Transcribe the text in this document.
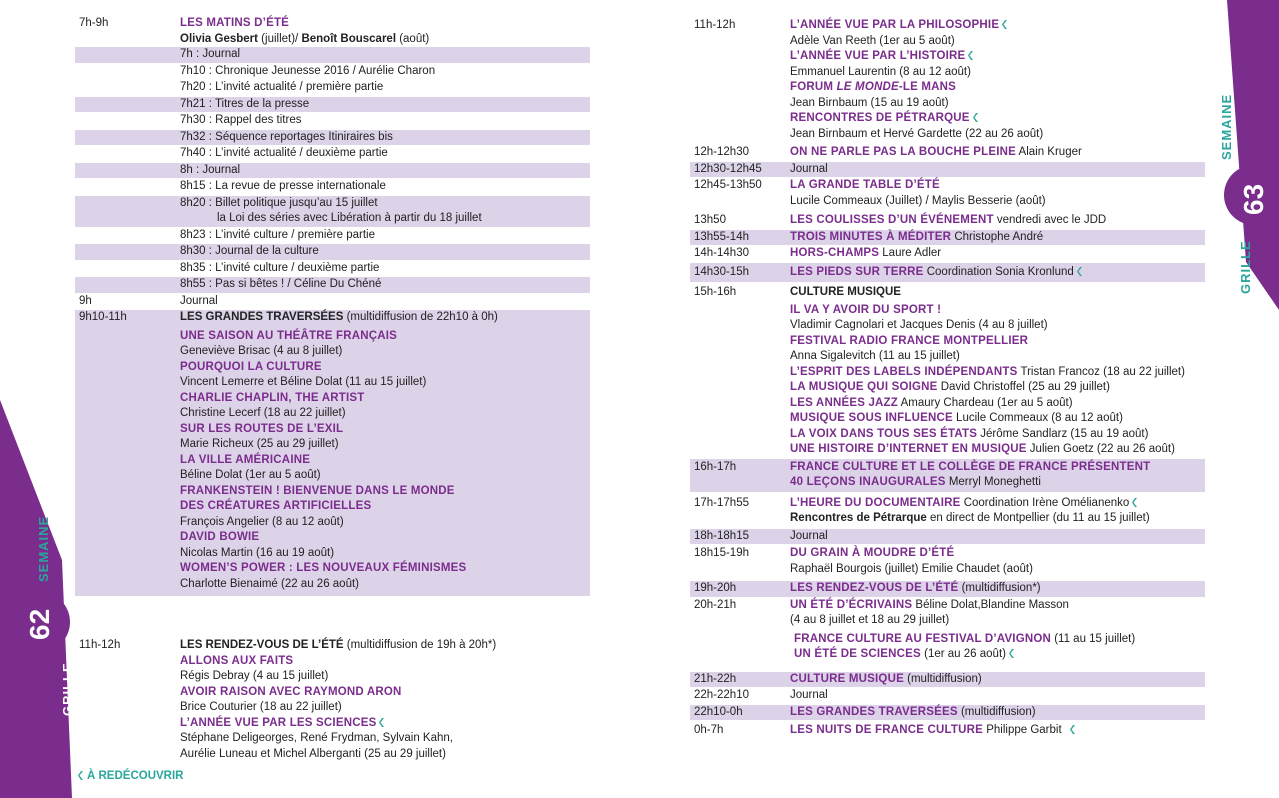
SEMAINE
62
GRILLE
7h-9h	LES MATINS D’ÉTÉ
Olivia Gesbert (juillet)/ Benoît Bouscarel (août)
7h : Journal
7h10 : Chronique Jeunesse 2016 / Aurélie Charon
7h20 : L’invité actualité / première partie
7h21 : Titres de la presse
7h30 : Rappel des titres
7h32 : Séquence reportages Itiniraires bis
7h40 : L’invité actualité / deuxième partie
8h : Journal
8h15 : La revue de presse internationale
8h20 : Billet politique jusqu’au 15 juillet
la Loi des séries avec Libération à partir du 18 juillet
8h23 : L’invité culture / première partie
8h30 : Journal de la culture
8h35 : L’invité culture / deuxième partie
8h55 : Pas si bêtes ! / Céline Du Chéné
9h	Journal
9h10-11h	LES GRANDES TRAVERSÉES (multidiffusion de 22h10 à 0h)
UNE SAISON AU THÉÂTRE FRANÇAIS
Geneviève Brisac (4 au 8 juillet)
POURQUOI LA CULTURE
Vincent Lemerre et Béline Dolat (11 au 15 juillet)
CHARLIE CHAPLIN, THE ARTIST
Christine Lecerf (18 au 22 juillet)
SUR LES ROUTES DE L’EXIL
Marie Richeux (25 au 29 juillet)
LA VILLE AMÉRICAINE
Béline Dolat (1er au 5 août)
FRANKENSTEIN ! BIENVENUE DANS LE MONDE
DES CRÉATURES ARTIFICIELLES
François Angelier (8 au 12 août)
DAVID BOWIE
Nicolas Martin (16 au 19 août)
WOMEN’S POWER : LES NOUVEAUX FÉMINISMES
Charlotte Bienaimé (22 au 26 août)
11h-12h	LES RENDEZ-VOUS DE L’ÉTÉ (multidiffusion de 19h à 20h*)
ALLONS AUX FAITS
Régis Debray (4 au 15 juillet)
AVOIR RAISON AVEC RAYMOND ARON
Brice Couturier (18 au 22 juillet)
L’ANNÉE VUE PAR LES SCIENCES
Stéphane Deligeorges, René Frydman, Sylvain Kahn,
Aurélie Luneau et Michel Alberganti (25 au 29 juillet)
À REDÉCOUVRIR
11h-12h	L’ANNÉE VUE PAR LA PHILOSOPHIE
Adèle Van Reeth (1er au 5 août)
L’ANNÉE VUE PAR L’HISTOIRE
Emmanuel Laurentin (8 au 12 août)
FORUM LE MONDE-LE MANS
Jean Birnbaum (15 au 19 août)
RENCONTRES DE PÉTRARQUE
Jean Birnbaum et Hervé Gardette (22 au 26 août)
12h-12h30	ON NE PARLE PAS LA BOUCHE PLEINE Alain Kruger
12h30-12h45	Journal
12h45-13h50	LA GRANDE TABLE D’ÉTÉ
Lucile Commeaux (Juillet) / Maylis Besserie (août)
13h50	LES COULISSES D’UN ÉVÉNEMENT vendredi avec le JDD
13h55-14h	TROIS MINUTES À MÉDITER Christophe André
14h-14h30	HORS-CHAMPS Laure Adler
14h30-15h	LES PIEDS SUR TERRE Coordination Sonia Kronlund
15h-16h	CULTURE MUSIQUE
IL VA Y AVOIR DU SPORT !
Vladimir Cagnolari et Jacques Denis (4 au 8 juillet)
FESTIVAL RADIO FRANCE MONTPELLIER
Anna Sigalevitch (11 au 15 juillet)
L’ESPRIT DES LABELS INDÉPENDANTS Tristan Francoz (18 au 22 juillet)
LA MUSIQUE QUI SOIGNE David Christoffel (25 au 29 juillet)
LES ANNÉES JAZZ Amaury Chardeau (1er au 5 août)
MUSIQUE SOUS INFLUENCE Lucile Commeaux (8 au 12 août)
LA VOIX DANS TOUS SES ÉTATS Jérôme Sandlarz (15 au 19 août)
UNE HISTOIRE D’INTERNET EN MUSIQUE Julien Goetz (22 au 26 août)
16h-17h	FRANCE CULTURE ET LE COLLÈGE DE FRANCE PRÉSENTENT
40 LEÇONS INAUGURALES Merryl Moneghetti
17h-17h55	L’HEURE DU DOCUMENTAIRE Coordination Irène Omélianenko
Rencontres de Pétrarque en direct de Montpellier (du 11 au 15 juillet)
18h-18h15	Journal
18h15-19h	DU GRAIN À MOUDRE D’ÉTÉ
Raphaël Bourgois (juillet) Emilie Chaudet (août)
19h-20h	LES RENDEZ-VOUS DE L’ÉTÉ (multidiffusion*)
20h-21h	UN ÉTÉ D’ÉCRIVAINS Béline Dolat,Blandine Masson
(4 au 8 juillet et 18 au 29 juillet)
FRANCE CULTURE AU FESTIVAL D’AVIGNON (11 au 15 juillet)
UN ÉTÉ DE SCIENCES (1er au 26 août)
21h-22h	CULTURE MUSIQUE (multidiffusion)
22h-22h10	Journal
22h10-0h	LES GRANDES TRAVERSÉES (multidiffusion)
0h-7h	LES NUITS DE FRANCE CULTURE Philippe Garbit
SEMAINE
63
GRILLE
